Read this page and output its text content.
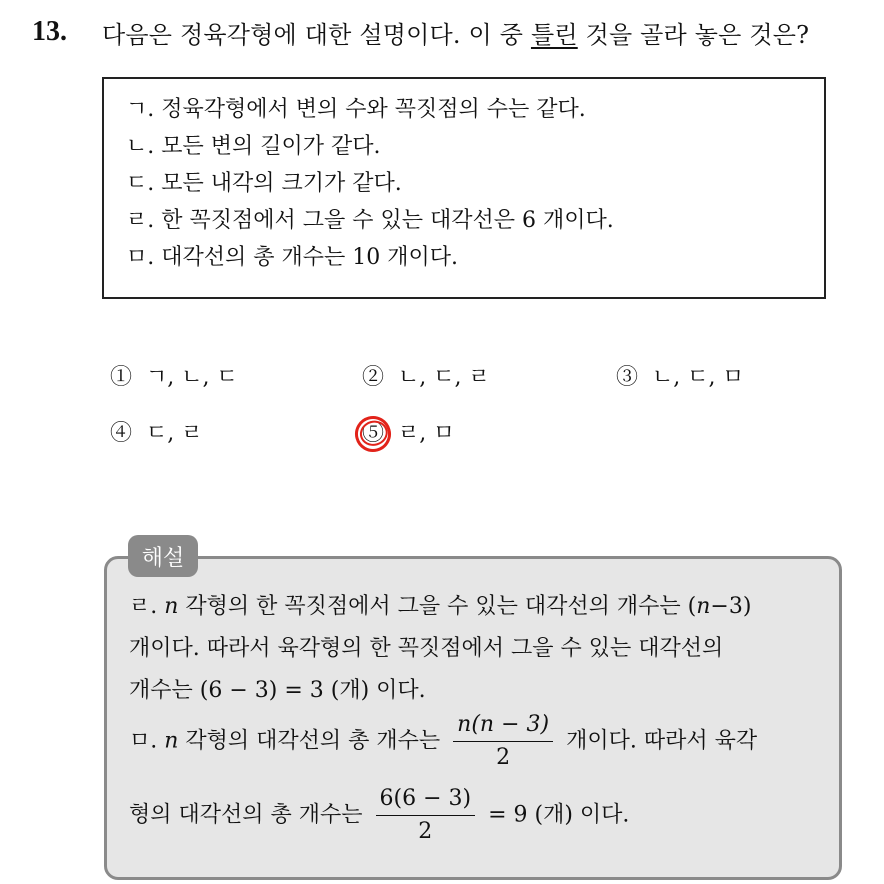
13.	다음은 정육각형에 대한 설명이다. 이 중 틀린 것을 골라 놓은 것은?
ㄱ. 정육각형에서 변의 수와 꼭짓점의 수는 같다.
ㄴ. 모든 변의 길이가 같다.
ㄷ. 모든 내각의 크기가 같다.
ㄹ. 한 꼭짓점에서 그을 수 있는 대각선은 6 개이다.
ㅁ. 대각선의 총 개수는 10 개이다.
① ㄱ, ㄴ, ㄷ	② ㄴ, ㄷ, ㄹ	③ ㄴ, ㄷ, ㅁ
④ ㄷ, ㄹ	⑤ ㄹ, ㅁ
ㄹ. n 각형의 한 꼭짓점에서 그을 수 있는 대각선의 개수는 (n−3)
개이다. 따라서 육각형의 한 꼭짓점에서 그을 수 있는 대각선의
개수는 (6 − 3) = 3 (개) 이다.
ㅁ. n 각형의 대각선의 총 개수는 $\frac{n(n - 3)}{2}$ 개이다. 따라서 육각
형의 대각선의 총 개수는 $\frac{6(6 - 3)}{2} = 9$ (개) 이다.
해설
